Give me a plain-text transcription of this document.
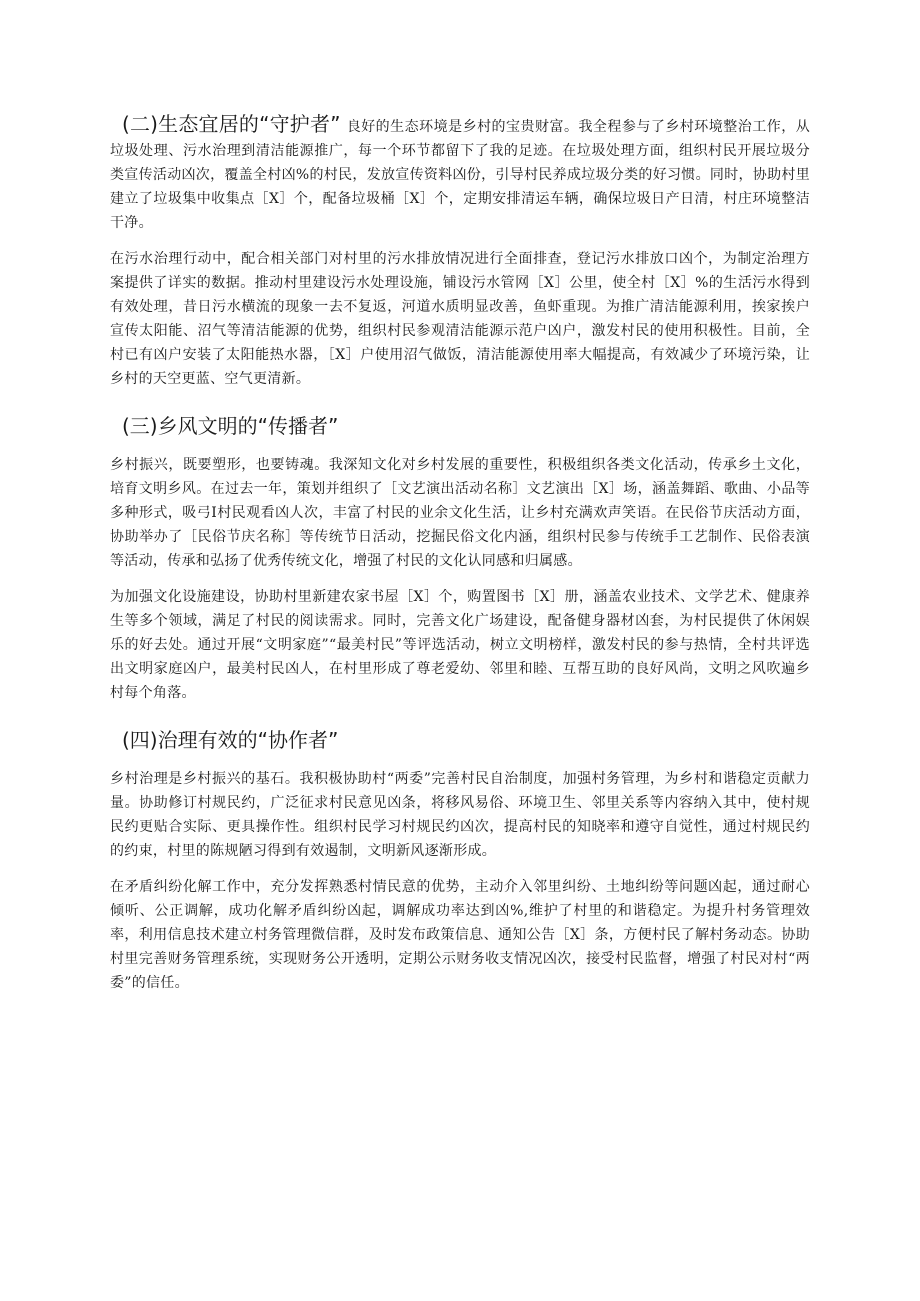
(二)生态宜居的“守护者” 良好的生态环境是乡村的宝贵财富。我全程参与了乡村环境整治工作，从垃圾处理、污水治理到清洁能源推广，每一个环节都留下了我的足迹。在垃圾处理方面，组织村民开展垃圾分类宣传活动凶次，覆盖全村凶%的村民，发放宣传资料凶份，引导村民养成垃圾分类的好习惯。同时，协助村里建立了垃圾集中收集点［X］个，配备垃圾桶［X］个，定期安排清运车辆，确保垃圾日产日清，村庄环境整洁干净。

在污水治理行动中，配合相关部门对村里的污水排放情况进行全面排查，登记污水排放口凶个，为制定治理方案提供了详实的数据。推动村里建设污水处理设施，铺设污水管网［X］公里，使全村［X］%的生活污水得到有效处理，昔日污水横流的现象一去不复返，河道水质明显改善，鱼虾重现。为推广清洁能源利用，挨家挨户宣传太阳能、沼气等清洁能源的优势，组织村民参观清洁能源示范户凶户，激发村民的使用积极性。目前，全村已有凶户安装了太阳能热水器，［X］户使用沼气做饭，清洁能源使用率大幅提高，有效减少了环境污染，让乡村的天空更蓝、空气更清新。

(三)乡风文明的“传播者”

乡村振兴，既要塑形，也要铸魂。我深知文化对乡村发展的重要性，积极组织各类文化活动，传承乡土文化，培育文明乡风。在过去一年，策划并组织了［文艺演出活动名称］文艺演出［X］场，涵盖舞蹈、歌曲、小品等多种形式，吸弓I村民观看凶人次，丰富了村民的业余文化生活，让乡村充满欢声笑语。在民俗节庆活动方面，协助举办了［民俗节庆名称］等传统节日活动，挖掘民俗文化内涵，组织村民参与传统手工艺制作、民俗表演等活动，传承和弘扬了优秀传统文化，增强了村民的文化认同感和归属感。

为加强文化设施建设，协助村里新建农家书屋［X］个，购置图书［X］册，涵盖农业技术、文学艺术、健康养生等多个领域，满足了村民的阅读需求。同时，完善文化广场建设，配备健身器材凶套，为村民提供了休闲娱乐的好去处。通过开展“文明家庭”“最美村民”等评选活动，树立文明榜样，激发村民的参与热情，全村共评选出文明家庭凶户，最美村民凶人，在村里形成了尊老爱幼、邻里和睦、互帮互助的良好风尚，文明之风吹遍乡村每个角落。

(四)治理有效的“协作者”

乡村治理是乡村振兴的基石。我积极协助村“两委”完善村民自治制度，加强村务管理，为乡村和谐稳定贡献力量。协助修订村规民约，广泛征求村民意见凶条，将移风易俗、环境卫生、邻里关系等内容纳入其中，使村规民约更贴合实际、更具操作性。组织村民学习村规民约凶次，提高村民的知晓率和遵守自觉性，通过村规民约的约束，村里的陈规陋习得到有效遏制，文明新风逐渐形成。

在矛盾纠纷化解工作中，充分发挥熟悉村情民意的优势，主动介入邻里纠纷、土地纠纷等问题凶起，通过耐心倾听、公正调解，成功化解矛盾纠纷凶起，调解成功率达到凶%,维护了村里的和谐稳定。为提升村务管理效率，利用信息技术建立村务管理微信群，及时发布政策信息、通知公告［X］条，方便村民了解村务动态。协助村里完善财务管理系统，实现财务公开透明，定期公示财务收支情况凶次，接受村民监督，增强了村民对村“两委”的信任。
